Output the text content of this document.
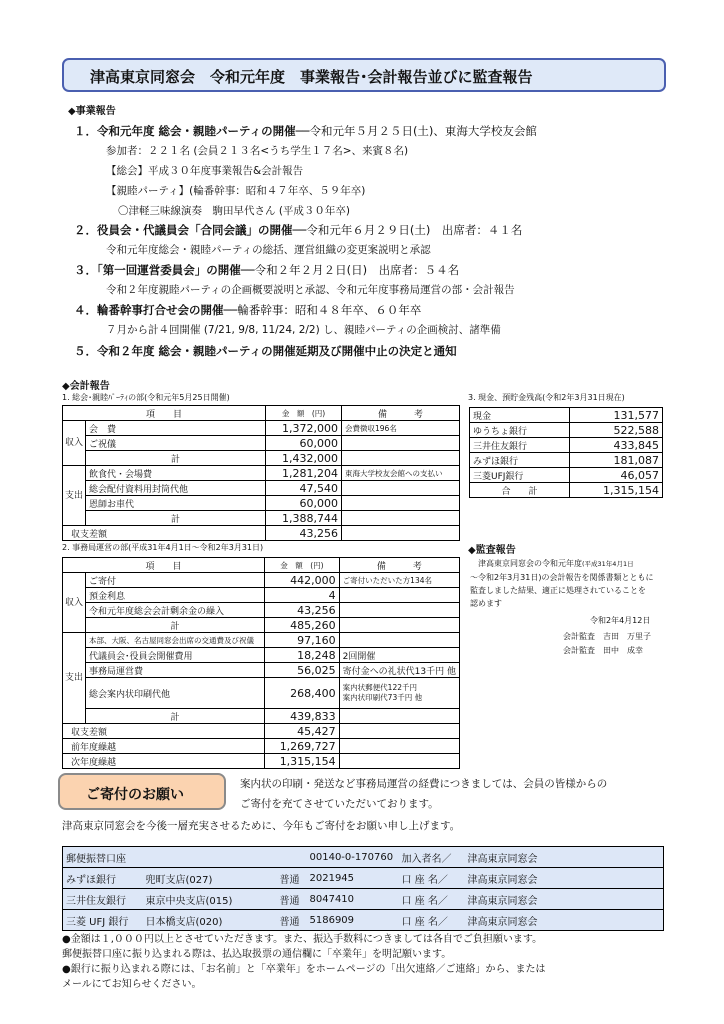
津高東京同窓会　令和元年度　事業報告･会計報告並びに監査報告
◆事業報告
１．令和元年度 総会・親睦パーティの開催──令和元年５月２５日(土)、東海大学校友会館
参加者：２２１名 (会員２１３名<うち学生１７名>、来賓８名)
【総会】平成３０年度事業報告&会計報告
【親睦パーティ】(輪番幹事：昭和４７年卒、５９年卒)
〇津軽三味線演奏　駒田早代さん (平成３０年卒)
２．役員会・代議員会「合同会議」の開催──令和元年６月２９日(土)　出席者：４１名
令和元年度総会・親睦パーティの総括、運営組織の変更案説明と承認
３．「第一回運営委員会」の開催──令和２年２月２日(日)　出席者：５４名
令和２年度親睦パーティの企画概要説明と承認、令和元年度事務局運営の部・会計報告
４．輪番幹事打合せ会の開催──輪番幹事：昭和４８年卒、６０年卒
７月から計４回開催 (7/21, 9/8, 11/24, 2/2) し、親睦パーティの企画検討、諸準備
５．令和２年度 総会・親睦パーティの開催延期及び開催中止の決定と通知
◆会計報告
1. 総会･親睦ﾊﾟｰﾃｨの部(令和元年5月25日開催)
項　　目		金　額　(円)	備　　　考
収入	会　費	1,372,000	会費徴収196名
	ご祝儀	60,000	
	計	1,432,000	
支出	飲食代・会場費	1,281,204	東海大学校友会館への支払い
	総会配付資料用封筒代他	47,540	
	恩師お車代	60,000	
	計	1,388,744	
収支差額		43,256	
3. 現金、預貯金残高(令和2年3月31日現在)
現金	131,577
ゆうちょ銀行	522,588
三井住友銀行	433,845
みずほ銀行	181,087
三菱UFJ銀行	46,057
合　　計	1,315,154
2. 事務局運営の部(平成31年4月1日～令和2年3月31日)
項　　目		金　額　(円)	備　　　考
収入	ご寄付	442,000	ご寄付いただいた方134名
	預金利息	4	
	令和元年度総会会計剰余金の繰入	43,256	
	計	485,260	
支出	本部、大阪、名古屋同窓会出席の交通費及び祝儀	97,160	
	代議員会･役員会開催費用	18,248	2回開催
	事務局運営費	56,025	寄付金への礼状代13千円 他
	総会案内状印刷代他	268,400	案内状郵便代122千円
案内状印刷代73千円 他

	計	439,833	
収支差額		45,427	
前年度繰越		1,269,727	
次年度繰越		1,315,154	
◆監査報告
 津高東京同窓会の令和元年度(平成31年4月1日
～令和2年3月31日)の会計報告を関係書類とともに
監査しました結果、適正に処理されていることを
認めます
令和2年4月12日
会計監査　吉田　万里子
会計監査　田中　成幸
ご寄付のお願い
案内状の印刷・発送など事務局運営の経費につきましては、会員の皆様からの
ご寄付を充てさせていただいております。
津高東京同窓会を今後一層充実させるために、今年もご寄付をお願い申し上げます。
郵便振替口座			00140-0-170760	加入者名／	津高東京同窓会
みずほ銀行	兜町支店(027)	普通	2021945	口 座 名／	津高東京同窓会
三井住友銀行	東京中央支店(015)	普通	8047410	口 座 名／	津高東京同窓会
三菱 UFJ 銀行	日本橋支店(020)	普通	5186909	口 座 名／	津高東京同窓会
●金額は１,０００円以上とさせていただきます。また、振込手数料につきましては各自でご負担願います。
郵便振替口座に振り込まれる際は、払込取扱票の通信欄に「卒業年」を明記願います。
●銀行に振り込まれる際には、「お名前」と「卒業年」をホームページの「出欠連絡／ご連絡」から、または
メールにてお知らせください。
